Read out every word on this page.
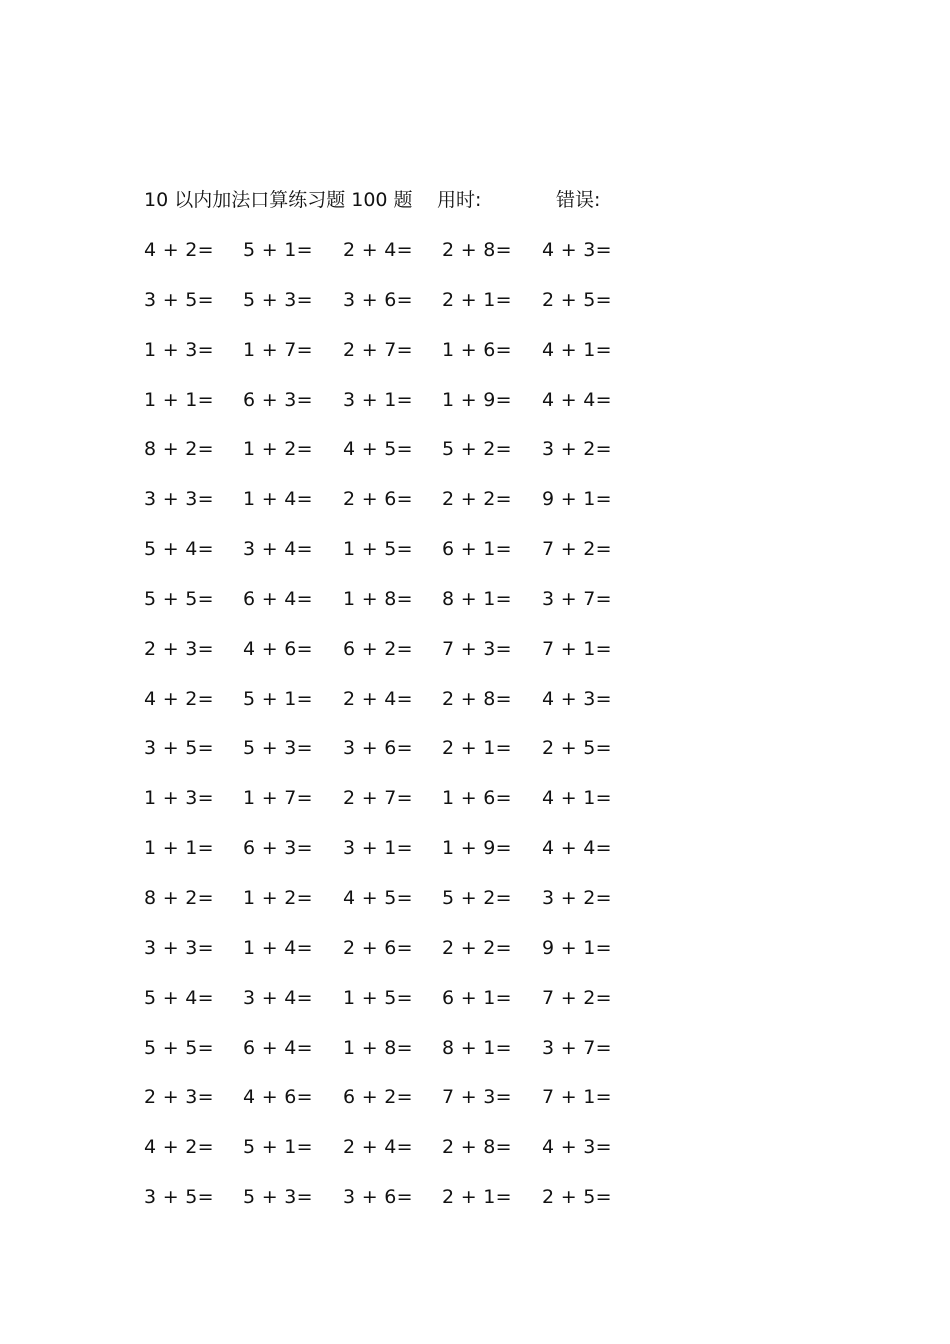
10 以内加法口算练习题 100 题 用时:	错误:
4 + 2= 5 + 1= 2 + 4= 2 + 8= 4 + 3=
3 + 5= 5 + 3= 3 + 6= 2 + 1= 2 + 5=
1 + 3= 1 + 7= 2 + 7= 1 + 6= 4 + 1=
1 + 1= 6 + 3= 3 + 1= 1 + 9= 4 + 4=
8 + 2= 1 + 2= 4 + 5= 5 + 2= 3 + 2=
3 + 3= 1 + 4= 2 + 6= 2 + 2= 9 + 1=
5 + 4= 3 + 4= 1 + 5= 6 + 1= 7 + 2=
5 + 5= 6 + 4= 1 + 8= 8 + 1= 3 + 7=
2 + 3= 4 + 6= 6 + 2= 7 + 3= 7 + 1=
4 + 2= 5 + 1= 2 + 4= 2 + 8= 4 + 3=
3 + 5= 5 + 3= 3 + 6= 2 + 1= 2 + 5=
1 + 3= 1 + 7= 2 + 7= 1 + 6= 4 + 1=
1 + 1= 6 + 3= 3 + 1= 1 + 9= 4 + 4=
8 + 2= 1 + 2= 4 + 5= 5 + 2= 3 + 2=
3 + 3= 1 + 4= 2 + 6= 2 + 2= 9 + 1=
5 + 4= 3 + 4= 1 + 5= 6 + 1= 7 + 2=
5 + 5= 6 + 4= 1 + 8= 8 + 1= 3 + 7=
2 + 3= 4 + 6= 6 + 2= 7 + 3= 7 + 1=
4 + 2= 5 + 1= 2 + 4= 2 + 8= 4 + 3=
3 + 5= 5 + 3= 3 + 6= 2 + 1= 2 + 5=
